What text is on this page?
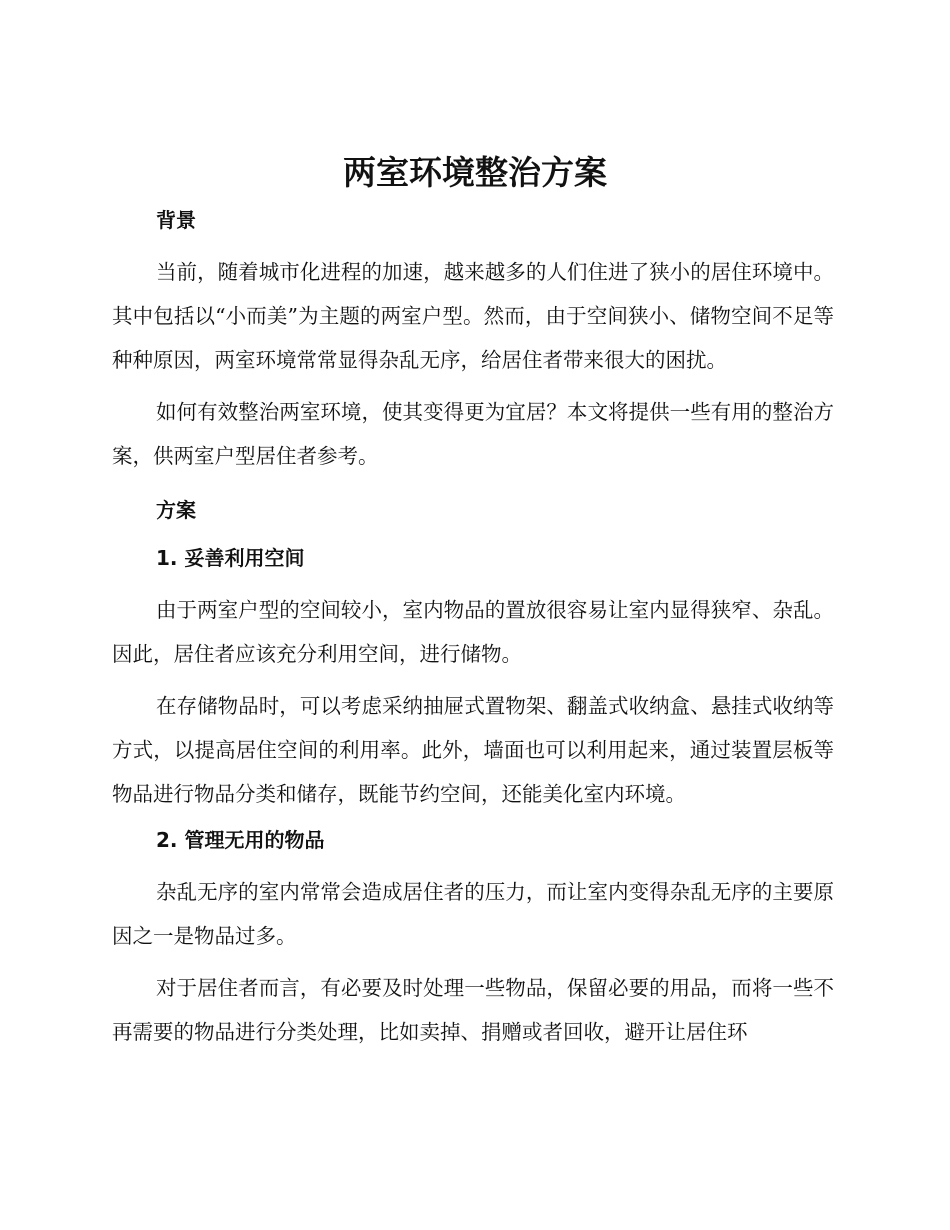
两室环境整治方案
背景

当前，随着城市化进程的加速，越来越多的人们住进了狭小的居住环境中。其中包括以“小而美”为主题的两室户型。然而，由于空间狭小、储物空间不足等种种原因，两室环境常常显得杂乱无序，给居住者带来很大的困扰。

如何有效整治两室环境，使其变得更为宜居？本文将提供一些有用的整治方案，供两室户型居住者参考。

方案
1. 妥善利用空间

由于两室户型的空间较小，室内物品的置放很容易让室内显得狭窄、杂乱。因此，居住者应该充分利用空间，进行储物。

在存储物品时，可以考虑采纳抽屉式置物架、翻盖式收纳盒、悬挂式收纳等方式，以提高居住空间的利用率。此外，墙面也可以利用起来，通过装置层板等物品进行物品分类和储存，既能节约空间，还能美化室内环境。

2. 管理无用的物品

杂乱无序的室内常常会造成居住者的压力，而让室内变得杂乱无序的主要原因之一是物品过多。

对于居住者而言，有必要及时处理一些物品，保留必要的用品，而将一些不再需要的物品进行分类处理，比如卖掉、捐赠或者回收，避开让居住环
